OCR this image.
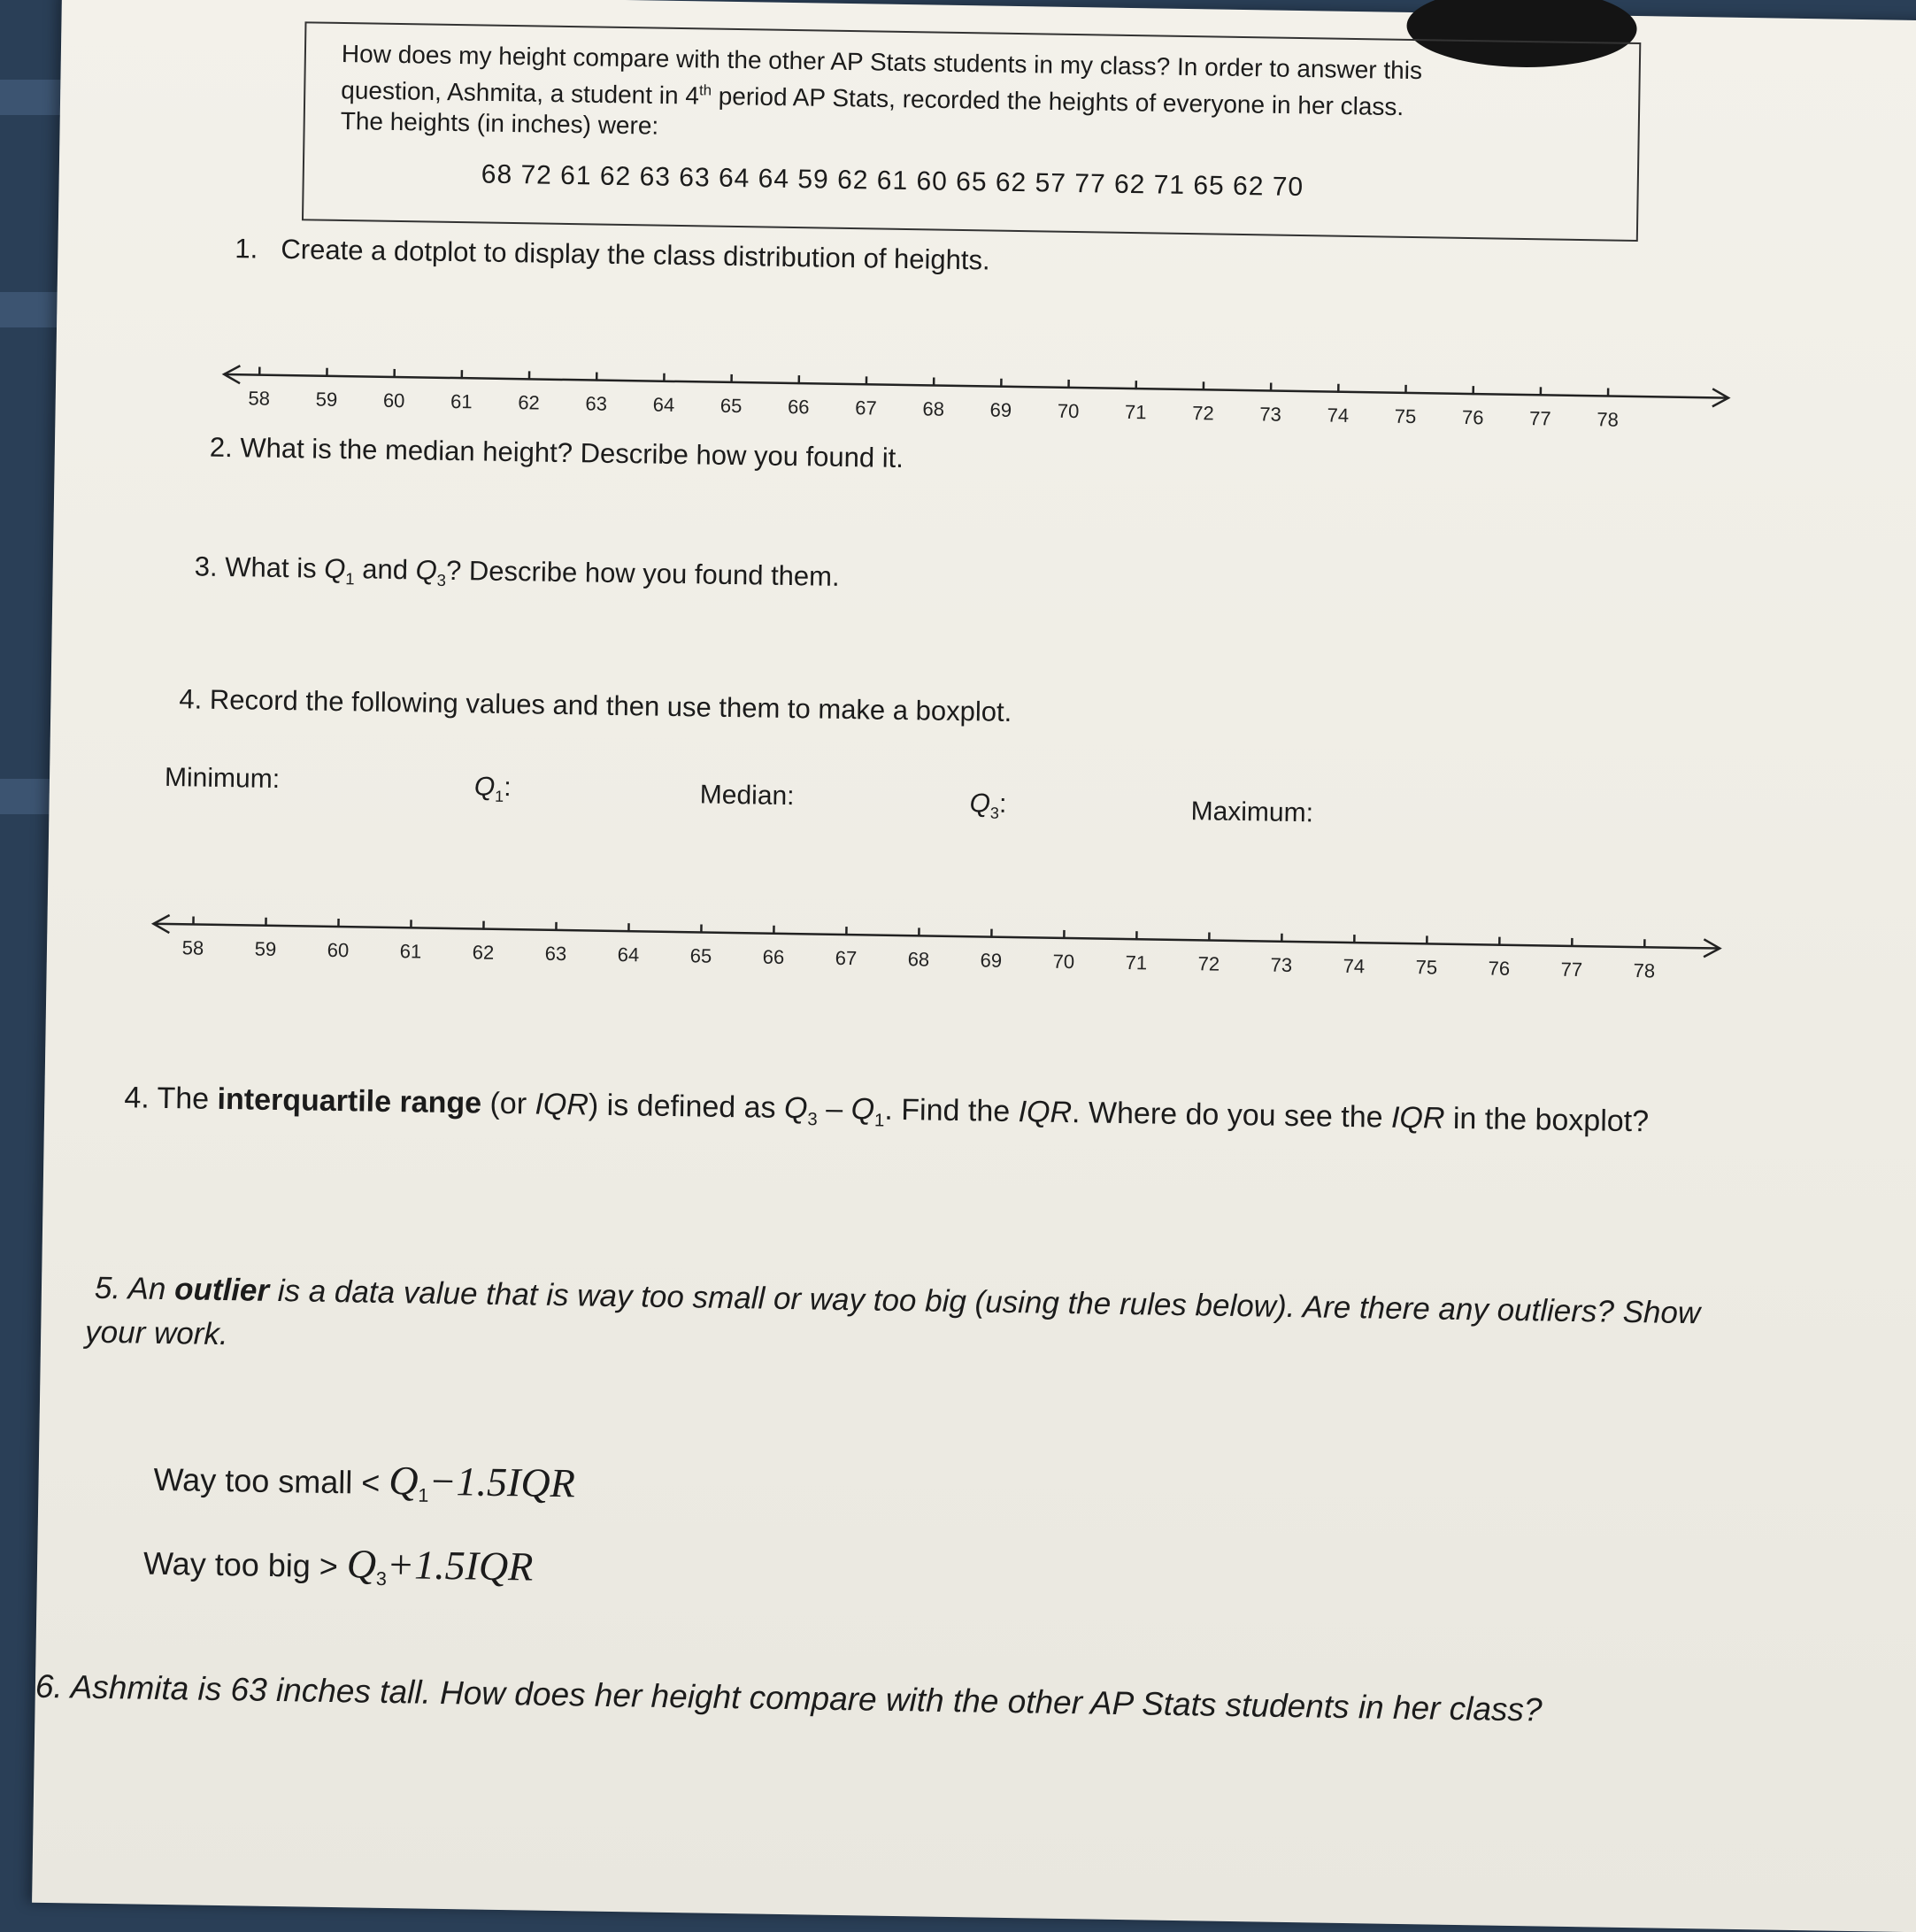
How does my height compare with the other AP Stats students in my class? In order to answer this

question, Ashmita, a student in 4th period AP Stats, recorded the heights of everyone in her class.

The heights (in inches) were:

68 72 61 62 63 63 64 64 59 62 61 60 65 62 57 77 62 71 65 62 70
1. Create a dotplot to display the class distribution of heights.
58 59 60 61 62 63 64 65 66 67 68 69 70 71 72 73 74 75 76 77 78
2. What is the median height? Describe how you found it.
3. What is $Q_1$ and $Q_3$? Describe how you found them.
4. Record the following values and then use them to make a boxplot.
Minimum:	$Q_1$:	Median:	$Q_3$:	Maximum:
58	59	60	61	62	63	64	65	66	67	68	69	70	71	72	73	74	75	76	77	78
4. The interquartile range (or IQR) is defined as $Q_3 - Q_1$. Find the IQR. Where do you see the IQR in the boxplot?
5. An outlier is a data value that is way too small or way too big (using the rules below). Are there any outliers? Show
your work.
Way too small < $Q_1-1.5IQR$
Way too big > $Q_3+1.5IQR$
6. Ashmita is 63 inches tall. How does her height compare with the other AP Stats students in her class?
